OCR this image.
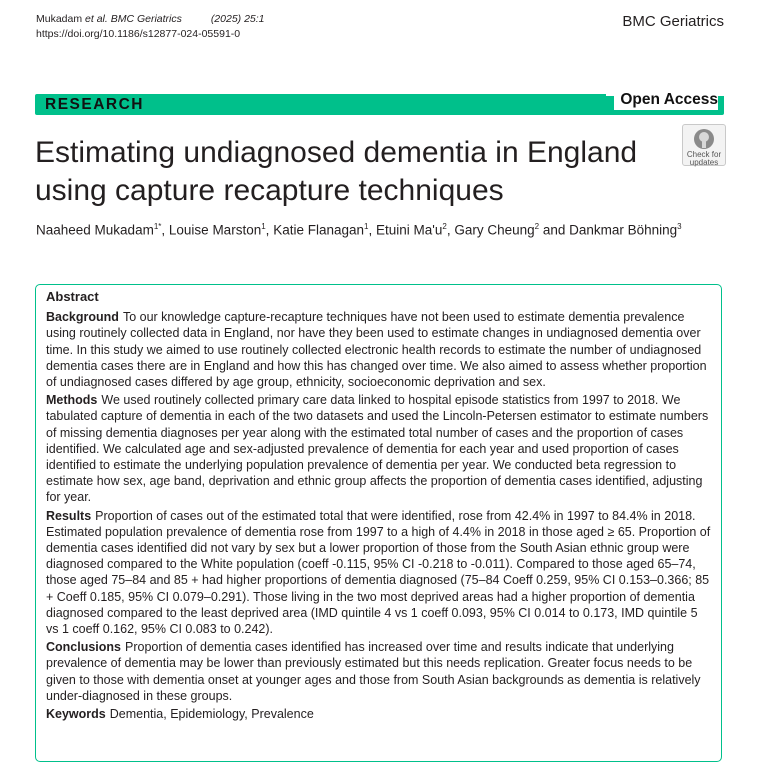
Mukadam et al. BMC Geriatrics	(2025) 25:1
https://doi.org/10.1186/s12877-024-05591-0
BMC Geriatrics
RESEARCH	Open Access
Estimating undiagnosed dementia in England using capture recapture techniques
Check for
updates
Naaheed Mukadam$^{1*}$, Louise Marston$^1$, Katie Flanagan$^1$, Etuini $Ma'u^2$, Gary Cheung$^2$ and Dankmar Böhning$^3$
Abstract

Background To our knowledge capture-recapture techniques have not been used to estimate dementia prevalence using routinely collected data in England, nor have they been used to estimate changes in undiagnosed dementia over time. In this study we aimed to use routinely collected electronic health records to estimate the number of undiagnosed dementia cases there are in England and how this has changed over time. We also aimed to assess whether proportion of undiagnosed cases differed by age group, ethnicity, socioeconomic deprivation and sex.

Methods We used routinely collected primary care data linked to hospital episode statistics from 1997 to 2018. We tabulated capture of dementia in each of the two datasets and used the Lincoln-Petersen estimator to estimate numbers of missing dementia diagnoses per year along with the estimated total number of cases and the proportion of cases identified. We calculated age and sex-adjusted prevalence of dementia for each year and used proportion of cases identified to estimate the underlying population prevalence of dementia per year. We conducted beta regression to estimate how sex, age band, deprivation and ethnic group affects the proportion of dementia cases identified, adjusting for year.

Results Proportion of cases out of the estimated total that were identified, rose from 42.4% in 1997 to 84.4% in 2018. Estimated population prevalence of dementia rose from 1997 to a high of 4.4% in 2018 in those aged ≥ 65. Proportion of dementia cases identified did not vary by sex but a lower proportion of those from the South Asian ethnic group were diagnosed compared to the White population (coeff -0.115, 95% CI -0.218 to -0.011). Compared to those aged 65–74, those aged 75–84 and 85 + had higher proportions of dementia diagnosed (75–84 Coeff 0.259, 95% CI 0.153–0.366; 85 + Coeff 0.185, 95% CI 0.079–0.291). Those living in the two most deprived areas had a higher proportion of dementia diagnosed compared to the least deprived area (IMD quintile 4 vs 1 coeff 0.093, 95% CI 0.014 to 0.173, IMD quintile 5 vs 1 coeff 0.162, 95% CI 0.083 to 0.242).

Conclusions Proportion of dementia cases identified has increased over time and results indicate that underlying prevalence of dementia may be lower than previously estimated but this needs replication. Greater focus needs to be given to those with dementia onset at younger ages and those from South Asian backgrounds as dementia is relatively under-diagnosed in these groups.

Keywords Dementia, Epidemiology, Prevalence
